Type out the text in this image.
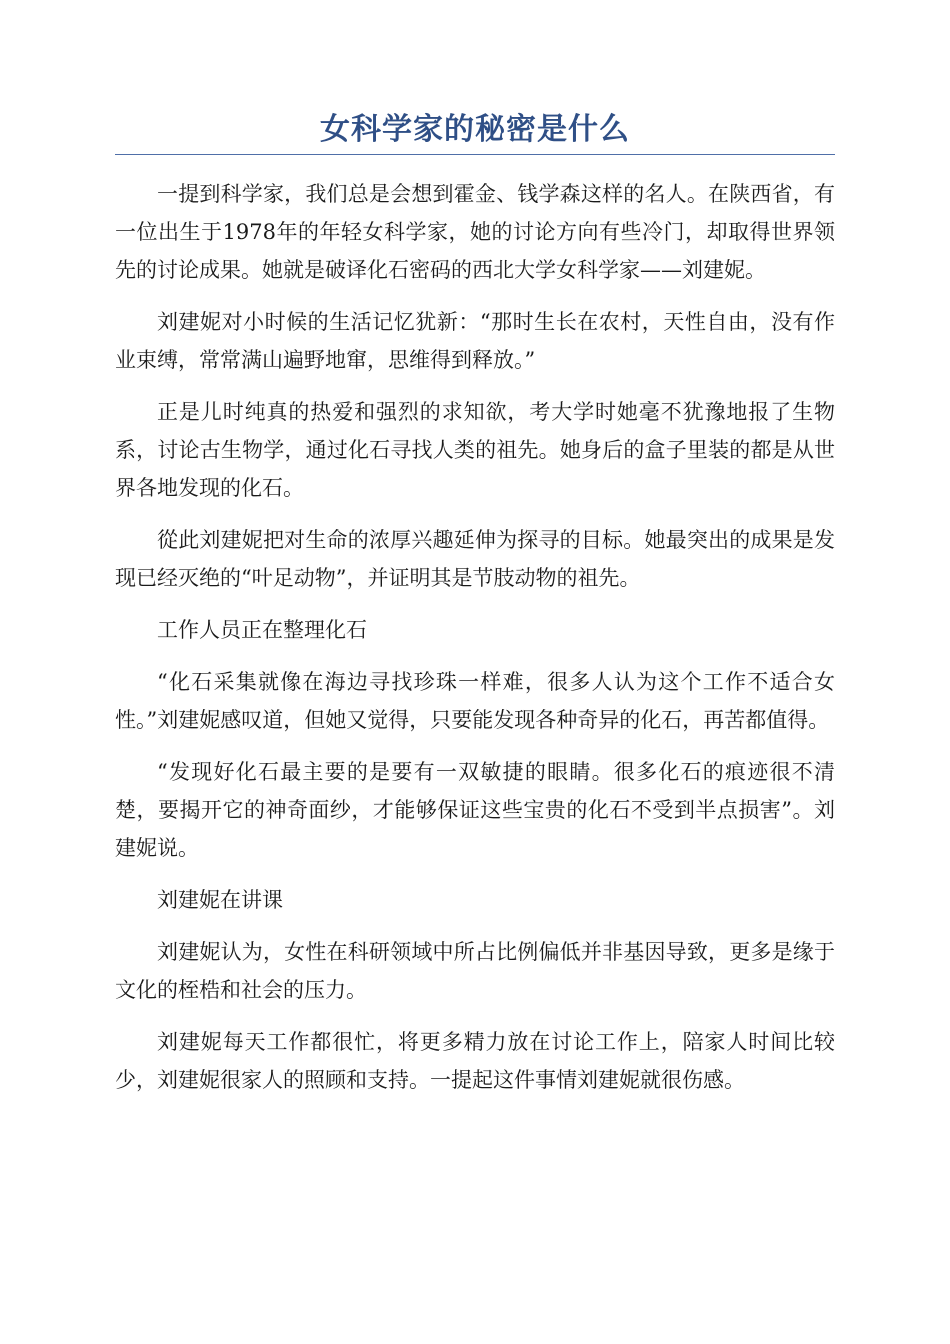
女科学家的秘密是什么

一提到科学家，我们总是会想到霍金、钱学森这样的名人。在陕西省，有一位出生于1978年的年轻女科学家，她的讨论方向有些冷门，却取得世界领先的讨论成果。她就是破译化石密码的西北大学女科学家——刘建妮。

刘建妮对小时候的生活记忆犹新：“那时生长在农村，天性自由，没有作业束缚，常常满山遍野地窜，思维得到释放。”

正是儿时纯真的热爱和强烈的求知欲，考大学时她毫不犹豫地报了生物系，讨论古生物学，通过化石寻找人类的祖先。她身后的盒子里装的都是从世界各地发现的化石。

從此刘建妮把对生命的浓厚兴趣延伸为探寻的目标。她最突出的成果是发现已经灭绝的“叶足动物”，并证明其是节肢动物的祖先。

工作人员正在整理化石

“化石采集就像在海边寻找珍珠一样难，很多人认为这个工作不适合女性。”刘建妮感叹道，但她又觉得，只要能发现各种奇异的化石，再苦都值得。

“发现好化石最主要的是要有一双敏捷的眼睛。很多化石的痕迹很不清楚，要揭开它的神奇面纱，才能够保证这些宝贵的化石不受到半点损害”。刘建妮说。

刘建妮在讲课

刘建妮认为，女性在科研领域中所占比例偏低并非基因导致，更多是缘于文化的桎梏和社会的压力。

刘建妮每天工作都很忙，将更多精力放在讨论工作上，陪家人时间比较少，刘建妮很家人的照顾和支持。一提起这件事情刘建妮就很伤感。
